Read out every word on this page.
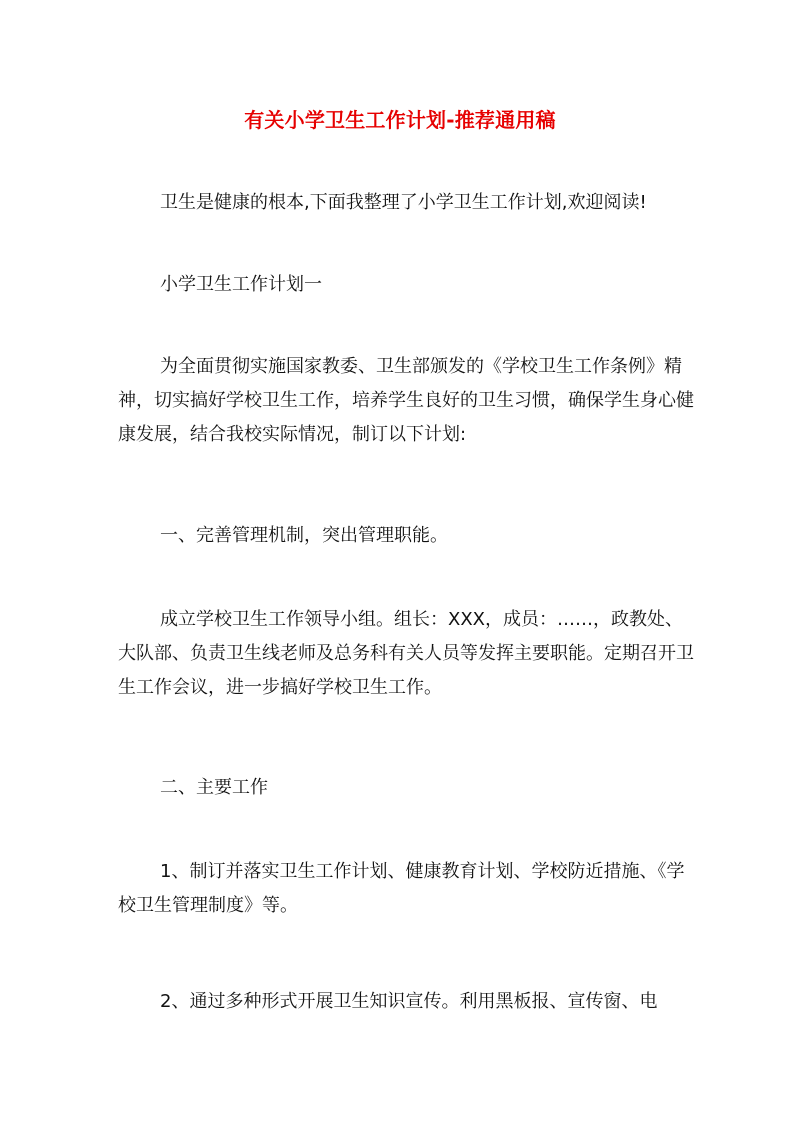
有关小学卫生工作计划-推荐通用稿

卫生是健康的根本,下面我整理了小学卫生工作计划,欢迎阅读!

小学卫生工作计划一

为全面贯彻实施国家教委、卫生部颁发的《学校卫生工作条例》精神，切实搞好学校卫生工作，培养学生良好的卫生习惯，确保学生身心健康发展，结合我校实际情况，制订以下计划:

一、完善管理机制，突出管理职能。

成立学校卫生工作领导小组。组长：XXX，成员：……，政教处、大队部、负责卫生线老师及总务科有关人员等发挥主要职能。定期召开卫生工作会议，进一步搞好学校卫生工作。

二、主要工作

1、制订并落实卫生工作计划、健康教育计划、学校防近措施、《学校卫生管理制度》等。

2、通过多种形式开展卫生知识宣传。利用黑板报、宣传窗、电
